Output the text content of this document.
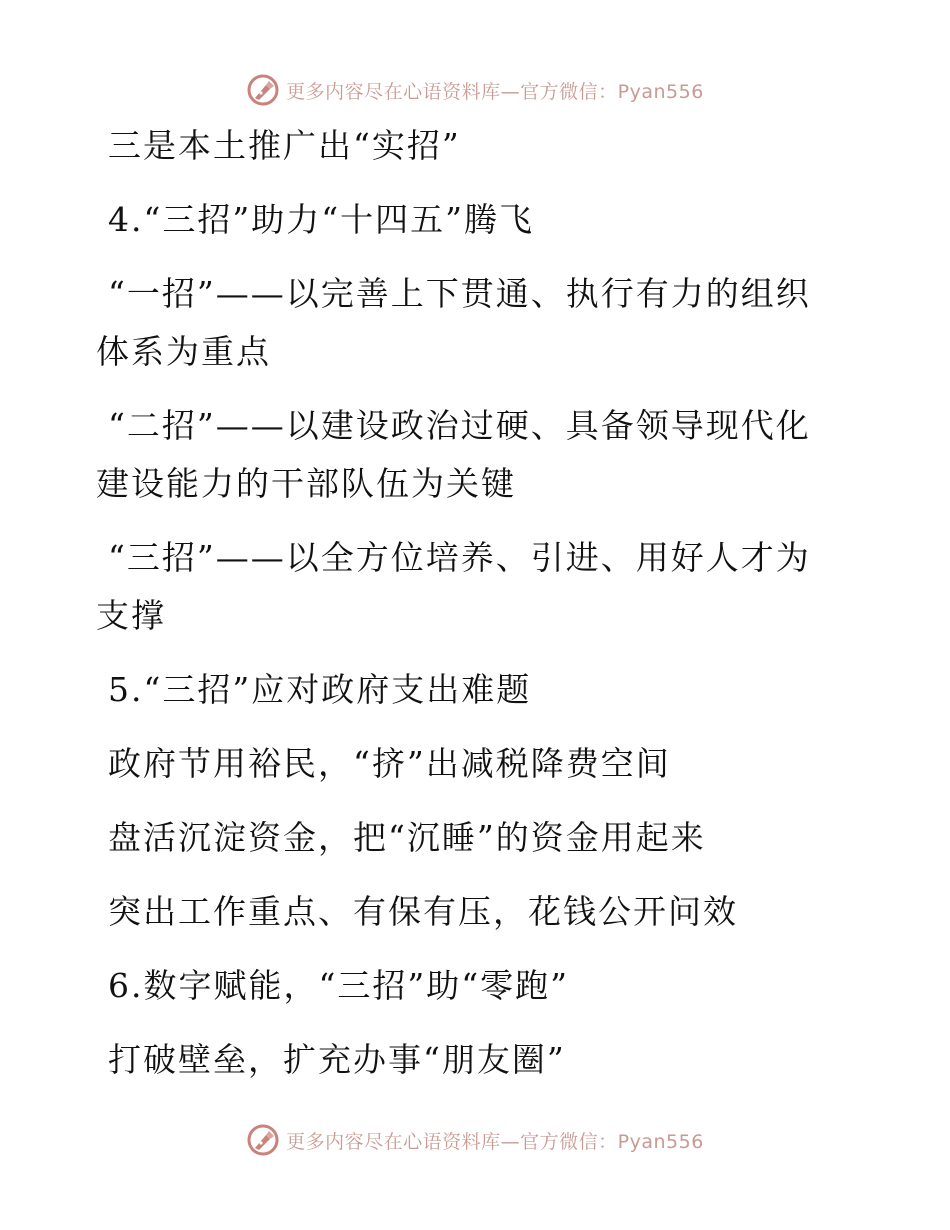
更多内容尽在心语资料库—官方微信：Pyan556
三是本土推广出“实招”
4.“三招”助力“十四五”腾飞
“一招”——以完善上下贯通、执行有力的组织
体系为重点
“二招”——以建设政治过硬、具备领导现代化
建设能力的干部队伍为关键
“三招”——以全方位培养、引进、用好人才为
支撑
5.“三招”应对政府支出难题
政府节用裕民，“挤”出减税降费空间
盘活沉淀资金，把“沉睡”的资金用起来
突出工作重点、有保有压，花钱公开问效
6.数字赋能，“三招”助“零跑”
打破壁垒，扩充办事“朋友圈”
更多内容尽在心语资料库—官方微信：Pyan556
